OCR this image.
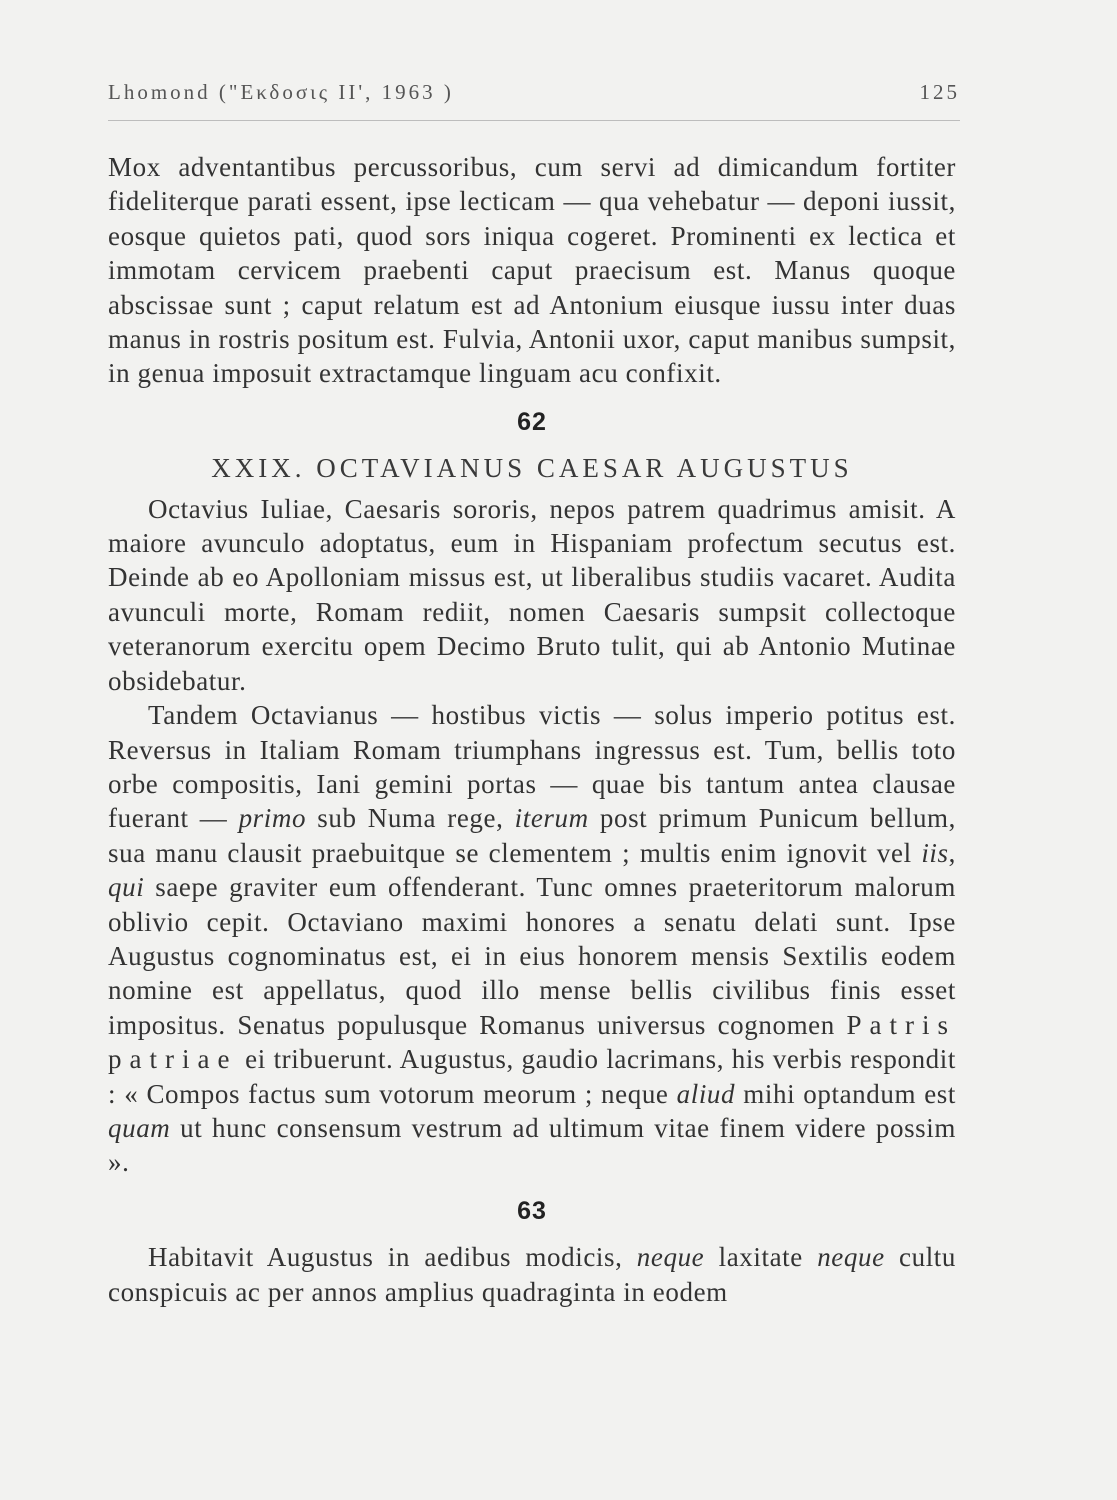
Lhomond ("Εκδοσις II', 1963 )	125

Mox adventantibus percussoribus, cum servi ad dimicandum fortiter fideliterque parati essent, ipse lecticam — qua vehebatur — deponi iussit, eosque quietos pati, quod sors iniqua cogeret. Prominenti ex lectica et immotam cervicem praebenti caput praecisum est. Manus quoque abscissae sunt ; caput relatum est ad Antonium eiusque iussu inter duas manus in rostris positum est. Fulvia, Antonii uxor, caput manibus sumpsit, in genua imposuit extractamque linguam acu confixit.

62
XXIX. OCTAVIANUS CAESAR AUGUSTUS

Octavius Iuliae, Caesaris sororis, nepos patrem quadrimus amisit. A maiore avunculo adoptatus, eum in Hispaniam profectum secutus est. Deinde ab eo Apolloniam missus est, ut liberalibus studiis vacaret. Audita avunculi morte, Romam rediit, nomen Caesaris sumpsit collectoque veteranorum exercitu opem Decimo Bruto tulit, qui ab Antonio Mutinae obsidebatur.

Tandem Octavianus — hostibus victis — solus imperio potitus est. Reversus in Italiam Romam triumphans ingressus est. Tum, bellis toto orbe compositis, Iani gemini portas — quae bis tantum antea clausae fuerant — primo sub Numa rege, iterum post primum Punicum bellum, sua manu clausit praebuitque se clementem ; multis enim ignovit vel iis, qui saepe graviter eum offenderant. Tunc omnes praeteritorum malorum oblivio cepit. Octaviano maximi honores a senatu delati sunt. Ipse Augustus cognominatus est, ei in eius honorem mensis Sextilis eodem nomine est appellatus, quod illo mense bellis civilibus finis esset impositus. Senatus populusque Romanus universus cognomen Patris patriae ei tribuerunt. Augustus, gaudio lacrimans, his verbis respondit : « Compos factus sum votorum meorum ; neque aliud mihi optandum est quam ut hunc consensum vestrum ad ultimum vitae finem videre possim ».

63

Habitavit Augustus in aedibus modicis, neque laxitate neque cultu conspicuis ac per annos amplius quadraginta in eodem
